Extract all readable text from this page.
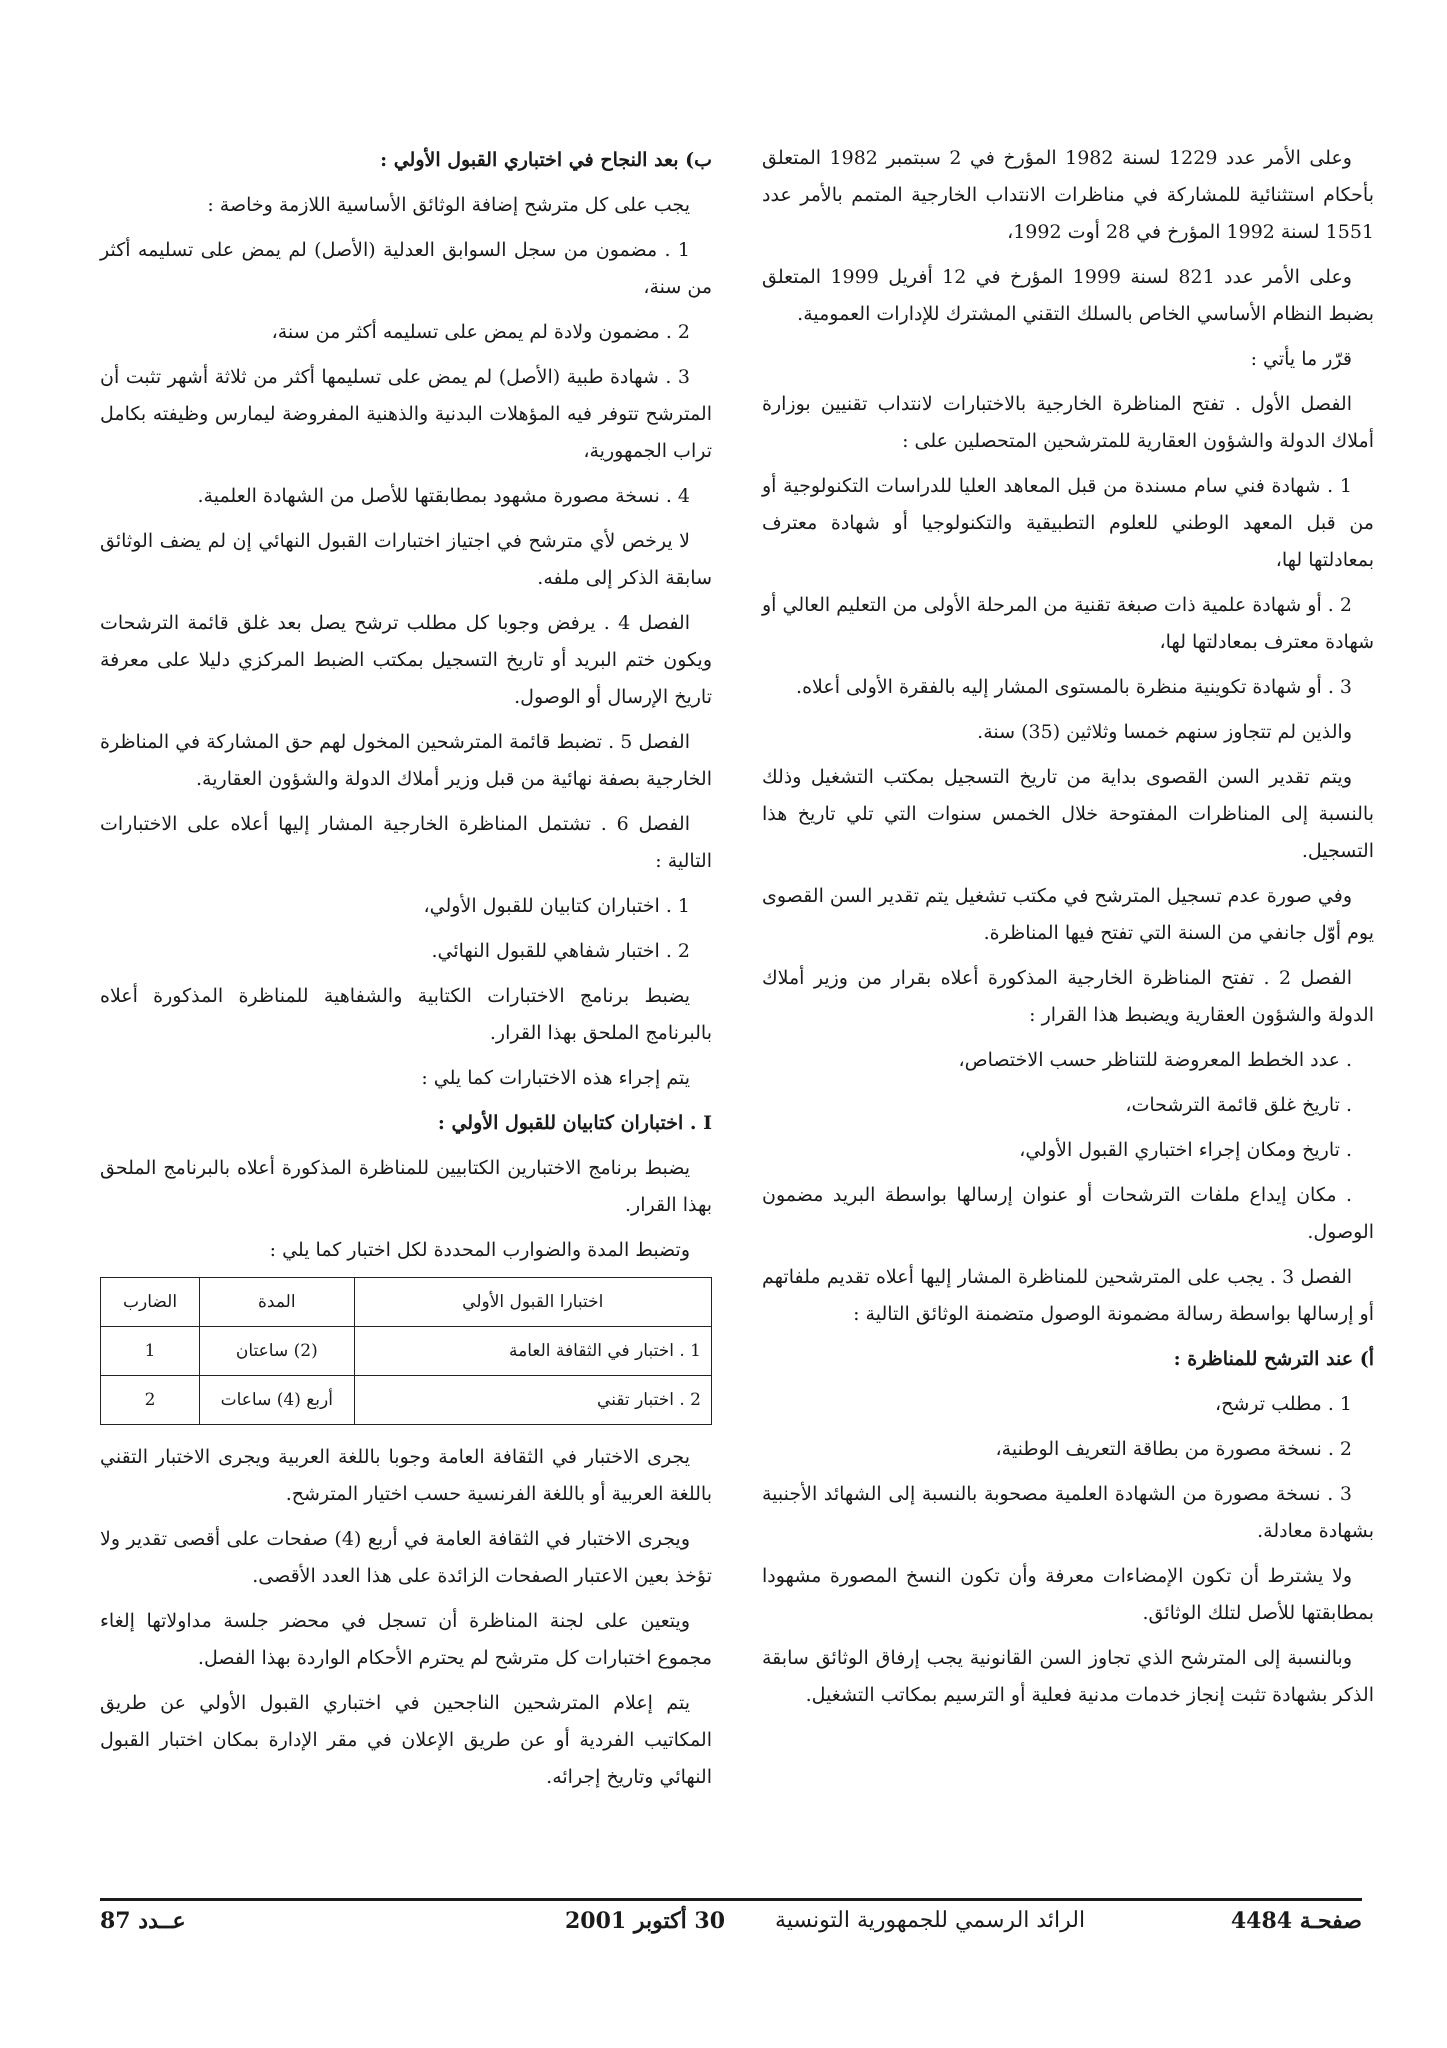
وعلى الأمر عدد 1229 لسنة 1982 المؤرخ في 2 سبتمبر 1982 المتعلق بأحكام استثنائية للمشاركة في مناظرات الانتداب الخارجية المتمم بالأمر عدد 1551 لسنة 1992 المؤرخ في 28 أوت 1992،

وعلى الأمر عدد 821 لسنة 1999 المؤرخ في 12 أفريل 1999 المتعلق بضبط النظام الأساسي الخاص بالسلك التقني المشترك للإدارات العمومية.

قرّر ما يأتي :

الفصل الأول . تفتح المناظرة الخارجية بالاختبارات لانتداب تقنيين بوزارة أملاك الدولة والشؤون العقارية للمترشحين المتحصلين على :

1 . شهادة فني سام مسندة من قبل المعاهد العليا للدراسات التكنولوجية أو من قبل المعهد الوطني للعلوم التطبيقية والتكنولوجيا أو شهادة معترف بمعادلتها لها،

2 . أو شهادة علمية ذات صبغة تقنية من المرحلة الأولى من التعليم العالي أو شهادة معترف بمعادلتها لها،

3 . أو شهادة تكوينية منظرة بالمستوى المشار إليه بالفقرة الأولى أعلاه.

والذين لم تتجاوز سنهم خمسا وثلاثين (35) سنة.

ويتم تقدير السن القصوى بداية من تاريخ التسجيل بمكتب التشغيل وذلك بالنسبة إلى المناظرات المفتوحة خلال الخمس سنوات التي تلي تاريخ هذا التسجيل.

وفي صورة عدم تسجيل المترشح في مكتب تشغيل يتم تقدير السن القصوى يوم أوّل جانفي من السنة التي تفتح فيها المناظرة.

الفصل 2 . تفتح المناظرة الخارجية المذكورة أعلاه بقرار من وزير أملاك الدولة والشؤون العقارية ويضبط هذا القرار :

. عدد الخطط المعروضة للتناظر حسب الاختصاص،

. تاريخ غلق قائمة الترشحات،

. تاريخ ومكان إجراء اختباري القبول الأولي،

. مكان إيداع ملفات الترشحات أو عنوان إرسالها بواسطة البريد مضمون الوصول.

الفصل 3 . يجب على المترشحين للمناظرة المشار إليها أعلاه تقديم ملفاتهم أو إرسالها بواسطة رسالة مضمونة الوصول متضمنة الوثائق التالية :

أ) عند الترشح للمناظرة :

1 . مطلب ترشح،

2 . نسخة مصورة من بطاقة التعريف الوطنية،

3 . نسخة مصورة من الشهادة العلمية مصحوبة بالنسبة إلى الشهائد الأجنبية بشهادة معادلة.

ولا يشترط أن تكون الإمضاءات معرفة وأن تكون النسخ المصورة مشهودا بمطابقتها للأصل لتلك الوثائق.

وبالنسبة إلى المترشح الذي تجاوز السن القانونية يجب إرفاق الوثائق سابقة الذكر بشهادة تثبت إنجاز خدمات مدنية فعلية أو الترسيم بمكاتب التشغيل.

ب) بعد النجاح في اختباري القبول الأولي :

يجب على كل مترشح إضافة الوثائق الأساسية اللازمة وخاصة :

1 . مضمون من سجل السوابق العدلية (الأصل) لم يمض على تسليمه أكثر من سنة،

2 . مضمون ولادة لم يمض على تسليمه أكثر من سنة،

3 . شهادة طبية (الأصل) لم يمض على تسليمها أكثر من ثلاثة أشهر تثبت أن المترشح تتوفر فيه المؤهلات البدنية والذهنية المفروضة ليمارس وظيفته بكامل تراب الجمهورية،

4 . نسخة مصورة مشهود بمطابقتها للأصل من الشهادة العلمية.

لا يرخص لأي مترشح في اجتياز اختبارات القبول النهائي إن لم يضف الوثائق سابقة الذكر إلى ملفه.

الفصل 4 . يرفض وجوبا كل مطلب ترشح يصل بعد غلق قائمة الترشحات ويكون ختم البريد أو تاريخ التسجيل بمكتب الضبط المركزي دليلا على معرفة تاريخ الإرسال أو الوصول.

الفصل 5 . تضبط قائمة المترشحين المخول لهم حق المشاركة في المناظرة الخارجية بصفة نهائية من قبل وزير أملاك الدولة والشؤون العقارية.

الفصل 6 . تشتمل المناظرة الخارجية المشار إليها أعلاه على الاختبارات التالية :

1 . اختباران كتابيان للقبول الأولي،

2 . اختبار شفاهي للقبول النهائي.

يضبط برنامج الاختبارات الكتابية والشفاهية للمناظرة المذكورة أعلاه بالبرنامج الملحق بهذا القرار.

يتم إجراء هذه الاختبارات كما يلي :

I . اختباران كتابيان للقبول الأولي :

يضبط برنامج الاختبارين الكتابيين للمناظرة المذكورة أعلاه بالبرنامج الملحق بهذا القرار.

وتضبط المدة والضوارب المحددة لكل اختبار كما يلي :

اختبارا القبول الأولي	المدة	الضارب
1 . اختبار في الثقافة العامة	(2) ساعتان	1
2 . اختبار تقني	أربع (4) ساعات	2

يجرى الاختبار في الثقافة العامة وجوبا باللغة العربية ويجرى الاختبار التقني باللغة العربية أو باللغة الفرنسية حسب اختيار المترشح.

ويجرى الاختبار في الثقافة العامة في أربع (4) صفحات على أقصى تقدير ولا تؤخذ بعين الاعتبار الصفحات الزائدة على هذا العدد الأقصى.

ويتعين على لجنة المناظرة أن تسجل في محضر جلسة مداولاتها إلغاء مجموع اختبارات كل مترشح لم يحترم الأحكام الواردة بهذا الفصل.

يتم إعلام المترشحين الناجحين في اختباري القبول الأولي عن طريق المكاتيب الفردية أو عن طريق الإعلان في مقر الإدارة بمكان اختبار القبول النهائي وتاريخ إجرائه.

صفحـة 4484
الرائد الرسمي للجمهورية التونسية
30 أكتوبر 2001
عــدد 87
